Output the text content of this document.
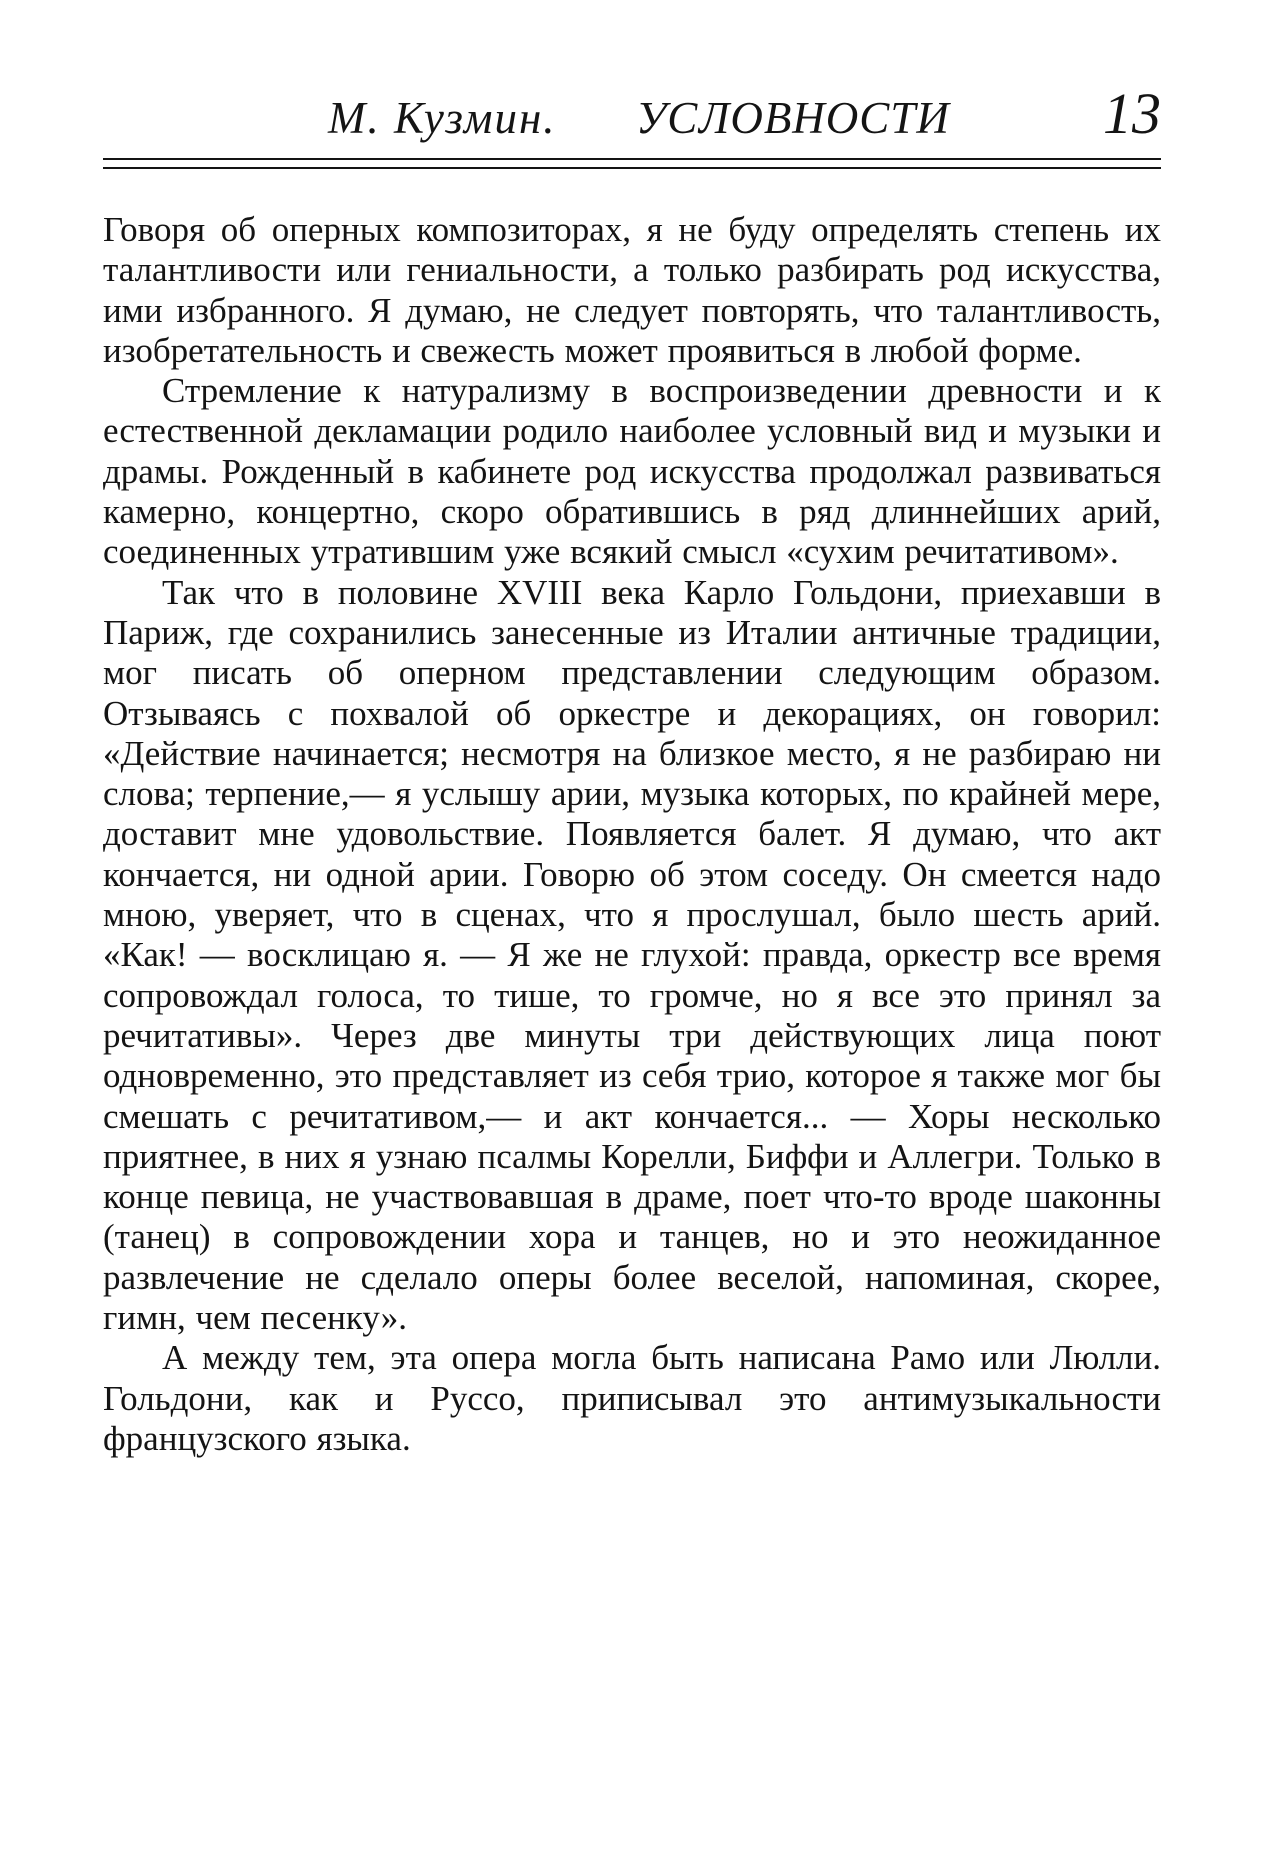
М. Кузмин. УСЛОВНОСТИ	13

Говоря об оперных композиторах, я не буду определять степень их талантливости или гениальности, а только разбирать род искусства, ими избранного. Я думаю, не следует повторять, что талантливость, изобретательность и свежесть может проявиться в любой форме.

Стремление к натурализму в воспроизведении древности и к естественной декламации родило наиболее условный вид и музыки и драмы. Рожденный в кабинете род искусства продолжал развиваться камерно, концертно, скоро обратившись в ряд длиннейших арий, соединенных утратившим уже всякий смысл «сухим речитативом».

Так что в половине XVIII века Карло Гольдони, приехавши в Париж, где сохранились занесенные из Италии античные традиции, мог писать об оперном представлении следующим образом. Отзываясь с похвалой об оркестре и декорациях, он говорил: «Действие начинается; несмотря на близкое место, я не разбираю ни слова; терпение,— я услышу арии, музыка которых, по крайней мере, доставит мне удовольствие. Появляется балет. Я думаю, что акт кончается, ни одной арии. Говорю об этом соседу. Он смеется надо мною, уверяет, что в сценах, что я прослушал, было шесть арий. «Как! — восклицаю я. — Я же не глухой: правда, оркестр все время сопровождал голоса, то тише, то громче, но я все это принял за речитативы». Через две минуты три действующих лица поют одновременно, это представляет из себя трио, которое я также мог бы смешать с речитативом,— и акт кончается... — Хоры несколько приятнее, в них я узнаю псалмы Корелли, Биффи и Аллегри. Только в конце певица, не участвовавшая в драме, поет что-то вроде шаконны (танец) в сопровождении хора и танцев, но и это неожиданное развлечение не сделало оперы более веселой, напоминая, скорее, гимн, чем песенку».

А между тем, эта опера могла быть написана Рамо или Люлли. Гольдони, как и Руссо, приписывал это антимузыкальности французского языка.
